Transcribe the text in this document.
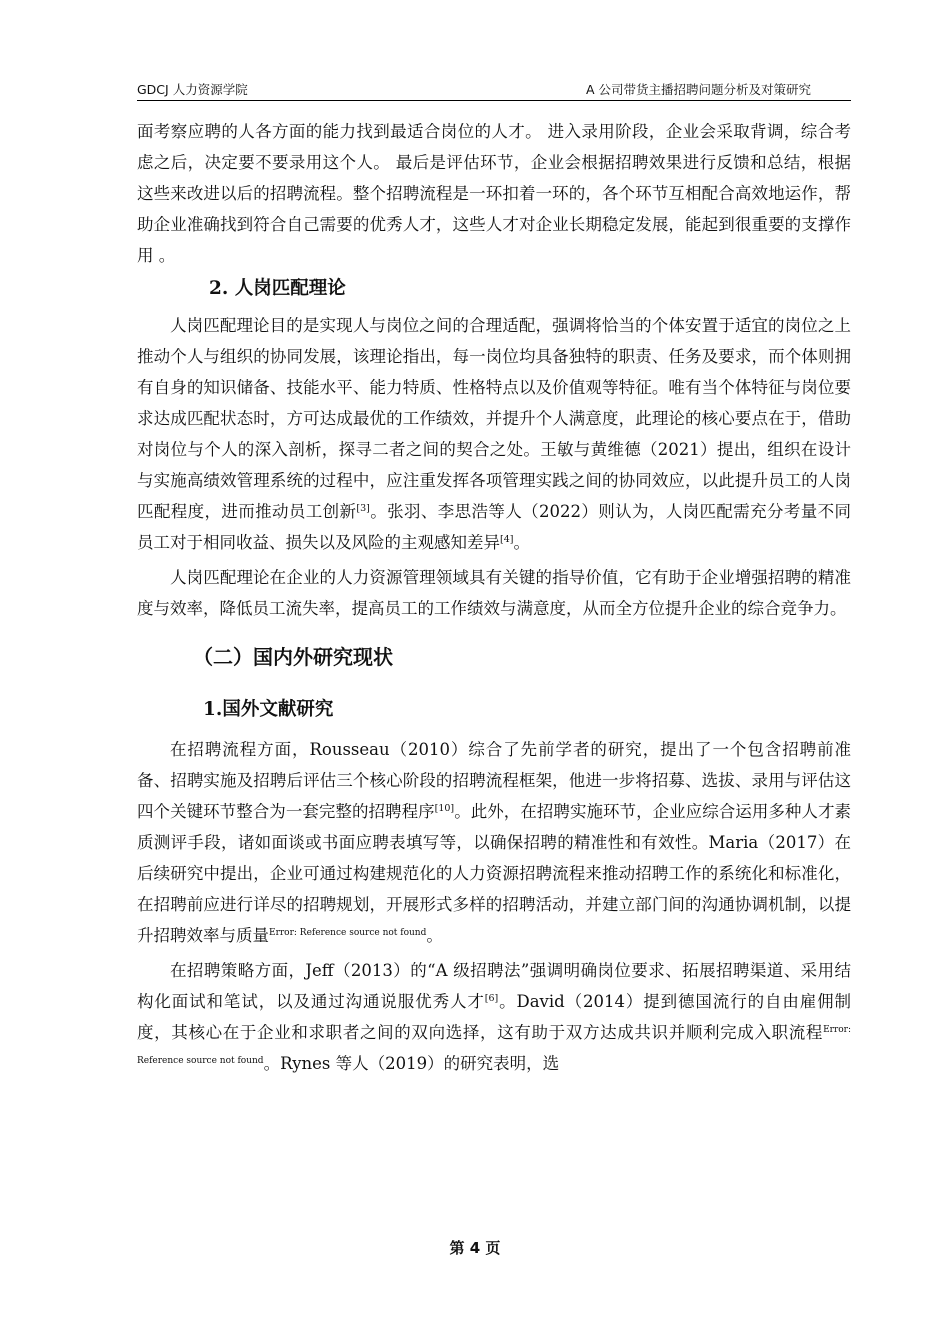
GDCJ 人力资源学院	A 公司带货主播招聘问题分析及对策研究

面考察应聘的人各方面的能力找到最适合岗位的人才。 进入录用阶段，企业会采取背调，综合考虑之后，决定要不要录用这个人。 最后是评估环节，企业会根据招聘效果进行反馈和总结，根据这些来改进以后的招聘流程。整个招聘流程是一环扣着一环的，各个环节互相配合高效地运作，帮助企业准确找到符合自己需要的优秀人才，这些人才对企业长期稳定发展，能起到很重要的支撑作用 。

2. 人岗匹配理论

人岗匹配理论目的是实现人与岗位之间的合理适配，强调将恰当的个体安置于适宜的岗位之上推动个人与组织的协同发展，该理论指出，每一岗位均具备独特的职责、任务及要求，而个体则拥有自身的知识储备、技能水平、能力特质、性格特点以及价值观等特征。唯有当个体特征与岗位要求达成匹配状态时，方可达成最优的工作绩效，并提升个人满意度，此理论的核心要点在于，借助对岗位与个人的深入剖析，探寻二者之间的契合之处。王敏与黄维德（2021）提出，组织在设计与实施高绩效管理系统的过程中，应注重发挥各项管理实践之间的协同效应，以此提升员工的人岗匹配程度，进而推动员工创新[3]。张羽、李思浩等人（2022）则认为，人岗匹配需充分考量不同员工对于相同收益、损失以及风险的主观感知差异[4]。

人岗匹配理论在企业的人力资源管理领域具有关键的指导价值，它有助于企业增强招聘的精准度与效率，降低员工流失率，提高员工的工作绩效与满意度，从而全方位提升企业的综合竞争力。

（二）国内外研究现状
1.国外文献研究

在招聘流程方面，Rousseau（2010）综合了先前学者的研究，提出了一个包含招聘前准备、招聘实施及招聘后评估三个核心阶段的招聘流程框架，他进一步将招募、选拔、录用与评估这四个关键环节整合为一套完整的招聘程序[10]。此外，在招聘实施环节，企业应综合运用多种人才素质测评手段，诸如面谈或书面应聘表填写等，以确保招聘的精准性和有效性。Maria（2017）在后续研究中提出，企业可通过构建规范化的人力资源招聘流程来推动招聘工作的系统化和标准化，在招聘前应进行详尽的招聘规划，开展形式多样的招聘活动，并建立部门间的沟通协调机制，以提升招聘效率与质量$^{Error: Reference source not found}$。

在招聘策略方面，Jeff（2013）的“A 级招聘法”强调明确岗位要求、拓展招聘渠道、采用结构化面试和笔试，以及通过沟通说服优秀人才[6]。David（2014）提到德国流行的自由雇佣制度，其核心在于企业和求职者之间的双向选择，这有助于双方达成共识并顺利完成入职流程$^{Error: Reference source not found}$。Rynes 等人（2019）的研究表明，选

第 4 页
